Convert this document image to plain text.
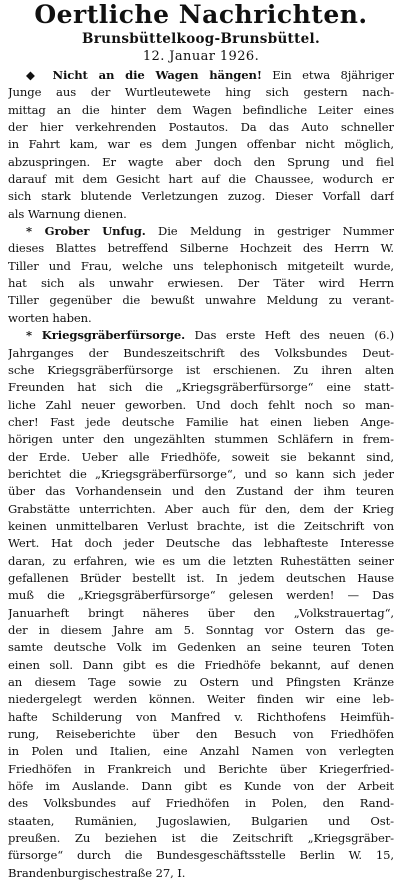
Oertliche Nachrichten.
Brunsbüttelkoog-Brunsbüttel.
12. Januar 1926.

◆ Nicht an die Wagen hängen! Ein etwa 8jähriger
Junge aus der Wurtleutewete hing sich gestern nach-
mittag an die hinter dem Wagen befindliche Leiter eines
der hier verkehrenden Postautos. Da das Auto schneller
in Fahrt kam, war es dem Jungen offenbar nicht möglich,
abzuspringen. Er wagte aber doch den Sprung und fiel
darauf mit dem Gesicht hart auf die Chaussee, wodurch er
sich stark blutende Verletzungen zuzog. Dieser Vorfall darf
als Warnung dienen.

* Grober Unfug. Die Meldung in gestriger Nummer
dieses Blattes betreffend Silberne Hochzeit des Herrn W.
Tiller und Frau, welche uns telephonisch mitgeteilt wurde,
hat sich als unwahr erwiesen. Der Täter wird Herrn
Tiller gegenüber die bewußt unwahre Meldung zu verant-
worten haben.

* Kriegsgräberfürsorge. Das erste Heft des neuen (6.)
Jahrganges der Bundeszeitschrift des Volksbundes Deut-
sche Kriegsgräberfürsorge ist erschienen. Zu ihren alten
Freunden hat sich die „Kriegsgräberfürsorge“ eine statt-
liche Zahl neuer geworben. Und doch fehlt noch so man-
cher! Fast jede deutsche Familie hat einen lieben Ange-
hörigen unter den ungezählten stummen Schläfern in frem-
der Erde. Ueber alle Friedhöfe, soweit sie bekannt sind,
berichtet die „Kriegsgräberfürsorge“, und so kann sich jeder
über das Vorhandensein und den Zustand der ihm teuren
Grabstätte unterrichten. Aber auch für den, dem der Krieg
keinen unmittelbaren Verlust brachte, ist die Zeitschrift von
Wert. Hat doch jeder Deutsche das lebhafteste Interesse
daran, zu erfahren, wie es um die letzten Ruhestätten seiner
gefallenen Brüder bestellt ist. In jedem deutschen Hause
muß die „Kriegsgräberfürsorge“ gelesen werden! — Das
Januarheft bringt näheres über den „Volkstrauertag“,
der in diesem Jahre am 5. Sonntag vor Ostern das ge-
samte deutsche Volk im Gedenken an seine teuren Toten
einen soll. Dann gibt es die Friedhöfe bekannt, auf denen
an diesem Tage sowie zu Ostern und Pfingsten Kränze
niedergelegt werden können. Weiter finden wir eine leb-
hafte Schilderung von Manfred v. Richthofens Heimfüh-
rung, Reiseberichte über den Besuch von Friedhöfen
in Polen und Italien, eine Anzahl Namen von verlegten
Friedhöfen in Frankreich und Berichte über Kriegerfried-
höfe im Auslande. Dann gibt es Kunde von der Arbeit
des Volksbundes auf Friedhöfen in Polen, den Rand-
staaten, Rumänien, Jugoslawien, Bulgarien und Ost-
preußen. Zu beziehen ist die Zeitschrift „Kriegsgräber-
fürsorge“ durch die Bundesgeschäftsstelle Berlin W. 15,
Brandenburgischestraße 27, I.
